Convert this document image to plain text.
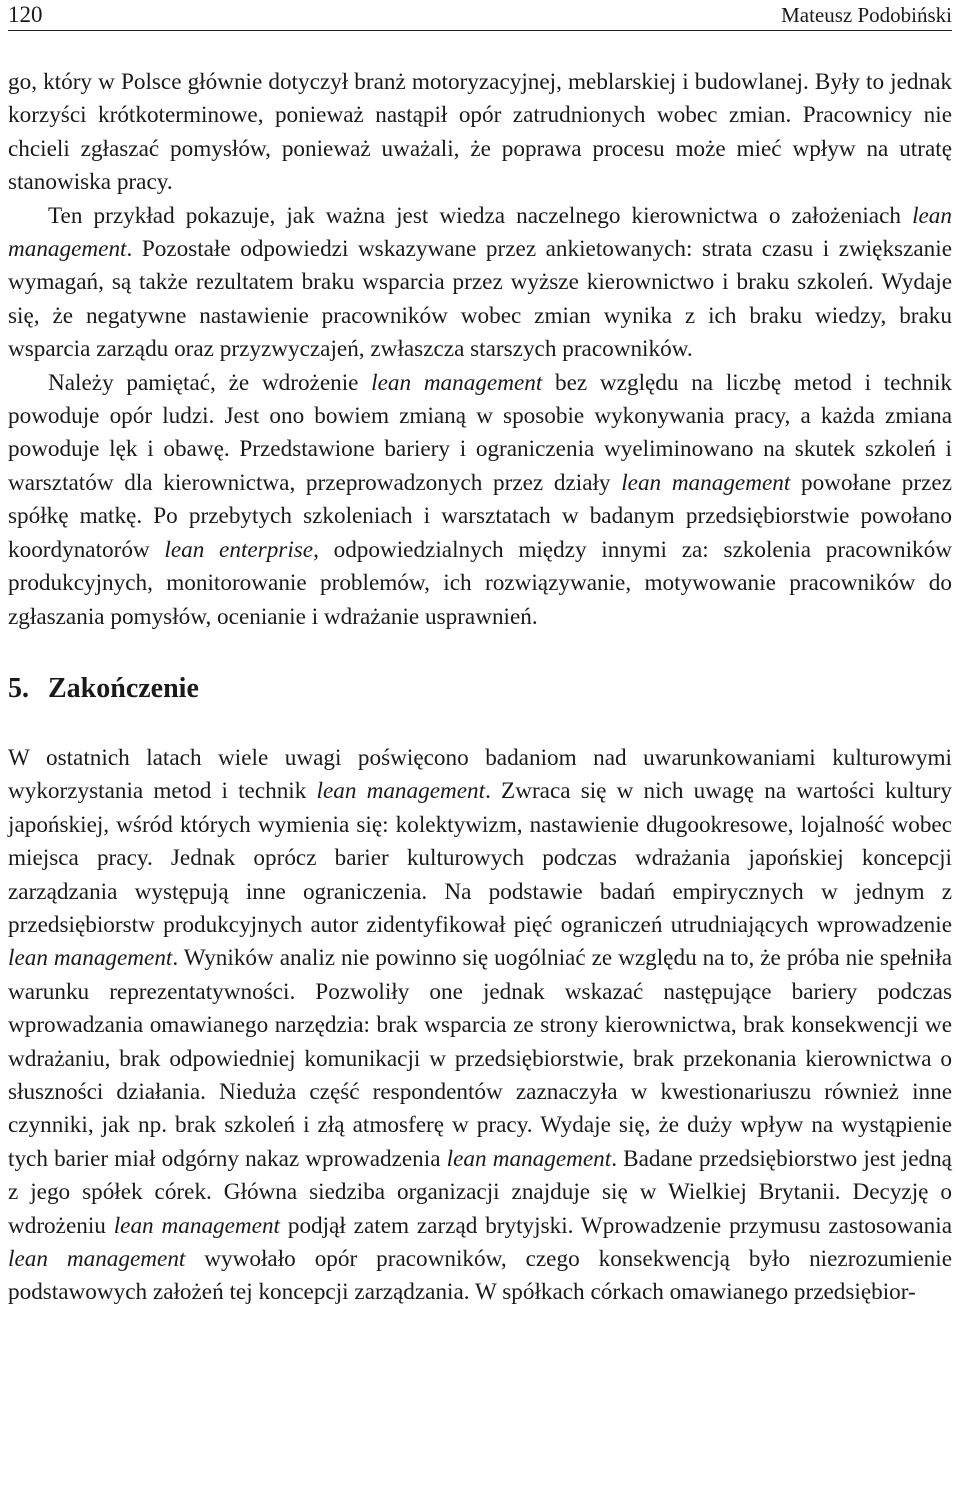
120	Mateusz Podobiński

go, który w Polsce głównie dotyczył branż motoryzacyjnej, meblarskiej i budowlanej. Były to jednak korzyści krótkoterminowe, ponieważ nastąpił opór zatrudnionych wobec zmian. Pracownicy nie chcieli zgłaszać pomysłów, ponieważ uważali, że poprawa procesu może mieć wpływ na utratę stanowiska pracy.

Ten przykład pokazuje, jak ważna jest wiedza naczelnego kierownictwa o założeniach lean management. Pozostałe odpowiedzi wskazywane przez ankietowanych: strata czasu i zwiększanie wymagań, są także rezultatem braku wsparcia przez wyższe kierownictwo i braku szkoleń. Wydaje się, że negatywne nastawienie pracowników wobec zmian wynika z ich braku wiedzy, braku wsparcia zarządu oraz przyzwyczajeń, zwłaszcza starszych pracowników.

Należy pamiętać, że wdrożenie lean management bez względu na liczbę metod i technik powoduje opór ludzi. Jest ono bowiem zmianą w sposobie wykonywania pracy, a każda zmiana powoduje lęk i obawę. Przedstawione bariery i ograniczenia wyeliminowano na skutek szkoleń i warsztatów dla kierownictwa, przeprowadzonych przez działy lean management powołane przez spółkę matkę. Po przebytych szkoleniach i warsztatach w badanym przedsiębiorstwie powołano koordynatorów lean enterprise, odpowiedzialnych między innymi za: szkolenia pracowników produkcyjnych, monitorowanie problemów, ich rozwiązywanie, motywowanie pracowników do zgłaszania pomysłów, ocenianie i wdrażanie usprawnień.

5. Zakończenie

W ostatnich latach wiele uwagi poświęcono badaniom nad uwarunkowaniami kulturowymi wykorzystania metod i technik lean management. Zwraca się w nich uwagę na wartości kultury japońskiej, wśród których wymienia się: kolektywizm, nastawienie długookresowe, lojalność wobec miejsca pracy. Jednak oprócz barier kulturowych podczas wdrażania japońskiej koncepcji zarządzania występują inne ograniczenia. Na podstawie badań empirycznych w jednym z przedsiębiorstw produkcyjnych autor zidentyfikował pięć ograniczeń utrudniających wprowadzenie lean management. Wyników analiz nie powinno się uogólniać ze względu na to, że próba nie spełniła warunku reprezentatywności. Pozwoliły one jednak wskazać następujące bariery podczas wprowadzania omawianego narzędzia: brak wsparcia ze strony kierownictwa, brak konsekwencji we wdrażaniu, brak odpowiedniej komunikacji w przedsiębiorstwie, brak przekonania kierownictwa o słuszności działania. Nieduża część respondentów zaznaczyła w kwestionariuszu również inne czynniki, jak np. brak szkoleń i złą atmosferę w pracy. Wydaje się, że duży wpływ na wystąpienie tych barier miał odgórny nakaz wprowadzenia lean management. Badane przedsiębiorstwo jest jedną z jego spółek córek. Główna siedziba organizacji znajduje się w Wielkiej Brytanii. Decyzję o wdrożeniu lean management podjął zatem zarząd brytyjski. Wprowadzenie przymusu zastosowania lean management wywołało opór pracowników, czego konsekwencją było niezrozumienie podstawowych założeń tej koncepcji zarządzania. W spółkach córkach omawianego przedsiębior-
